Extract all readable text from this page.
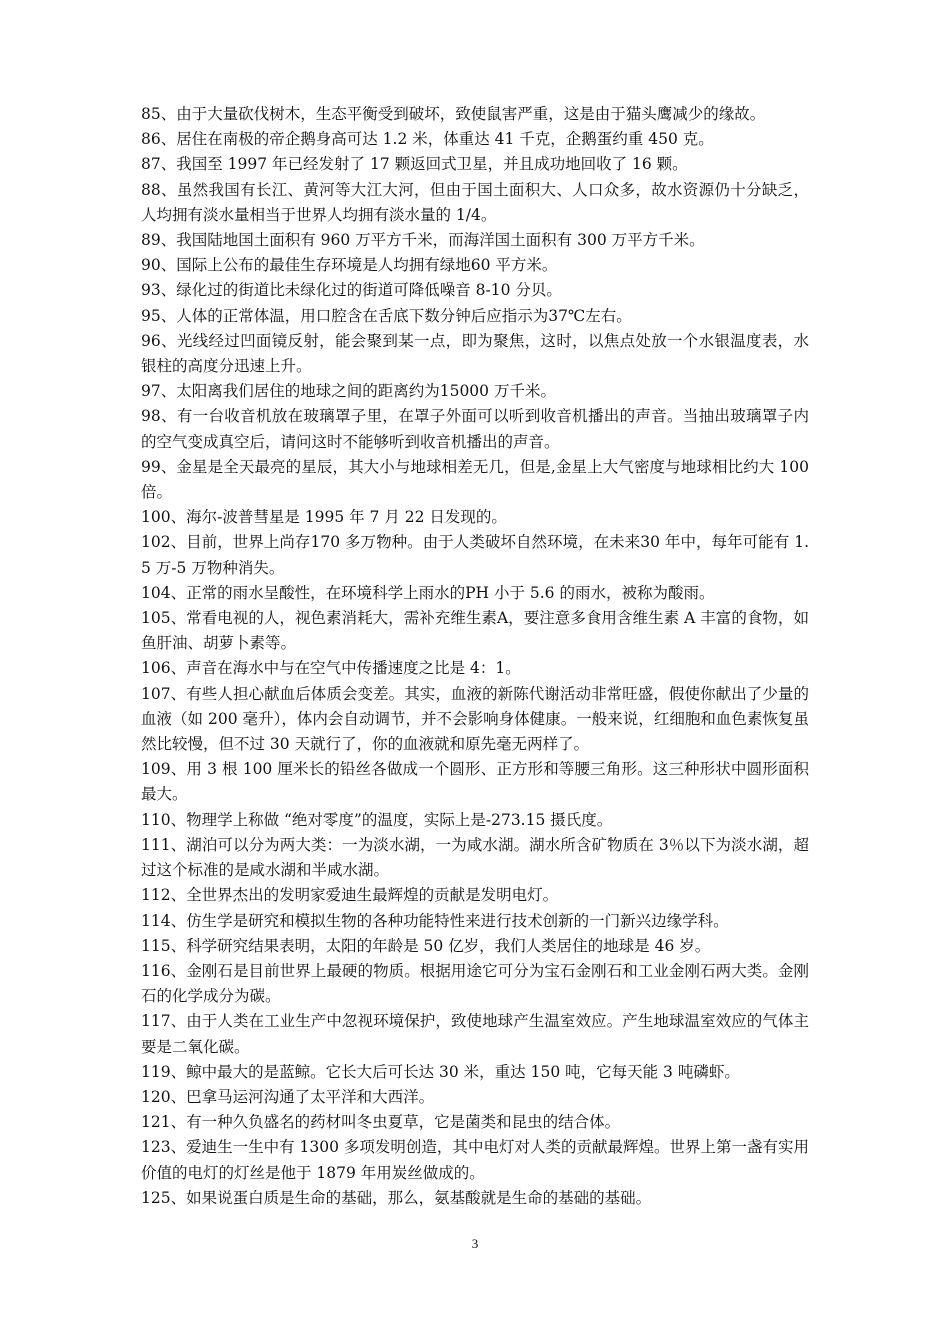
85、由于大量砍伐树木，生态平衡受到破坏，致使鼠害严重，这是由于猫头鹰减少的缘故。

86、居住在南极的帝企鹅身高可达 1.2 米，体重达 41 千克，企鹅蛋约重 450 克。

87、我国至 1997 年已经发射了 17 颗返回式卫星，并且成功地回收了 16 颗。

88、虽然我国有长江、黄河等大江大河，但由于国土面积大、人口众多，故水资源仍十分缺乏，人均拥有淡水量相当于世界人均拥有淡水量的 1/4。

89、我国陆地国土面积有 960 万平方千米，而海洋国土面积有 300 万平方千米。

90、国际上公布的最佳生存环境是人均拥有绿地60 平方米。

93、绿化过的街道比未绿化过的街道可降低噪音 8-10 分贝。

95、人体的正常体温，用口腔含在舌底下数分钟后应指示为37℃左右。

96、光线经过凹面镜反射，能会聚到某一点，即为聚焦，这时，以焦点处放一个水银温度表，水银柱的高度分迅速上升。

97、太阳离我们居住的地球之间的距离约为15000 万千米。

98、有一台收音机放在玻璃罩子里，在罩子外面可以听到收音机播出的声音。当抽出玻璃罩子内的空气变成真空后，请问这时不能够听到收音机播出的声音。

99、金星是全天最亮的星辰，其大小与地球相差无几，但是,金星上大气密度与地球相比约大 100 倍。

100、海尔-波普彗星是 1995 年 7 月 22 日发现的。

102、目前，世界上尚存170 多万物种。由于人类破坏自然环境，在未来30 年中，每年可能有 1.5 万-5 万物种消失。

104、正常的雨水呈酸性，在环境科学上雨水的PH 小于 5.6 的雨水，被称为酸雨。

105、常看电视的人，视色素消耗大，需补充维生素A，要注意多食用含维生素 A 丰富的食物，如鱼肝油、胡萝卜素等。

106、声音在海水中与在空气中传播速度之比是 4：1。

107、有些人担心献血后体质会变差。其实，血液的新陈代谢活动非常旺盛，假使你献出了少量的血液（如 200 毫升），体内会自动调节，并不会影响身体健康。一般来说，红细胞和血色素恢复虽然比较慢，但不过 30 天就行了，你的血液就和原先毫无两样了。

109、用 3 根 100 厘米长的铅丝各做成一个圆形、正方形和等腰三角形。这三种形状中圆形面积最大。

110、物理学上称做 “绝对零度”的温度，实际上是-273.15 摄氏度。

111、湖泊可以分为两大类：一为淡水湖，一为咸水湖。湖水所含矿物质在 3％以下为淡水湖，超过这个标准的是咸水湖和半咸水湖。

112、全世界杰出的发明家爱迪生最辉煌的贡献是发明电灯。

114、仿生学是研究和模拟生物的各种功能特性来进行技术创新的一门新兴边缘学科。

115、科学研究结果表明，太阳的年龄是 50 亿岁，我们人类居住的地球是 46 岁。

116、金刚石是目前世界上最硬的物质。根据用途它可分为宝石金刚石和工业金刚石两大类。金刚石的化学成分为碳。

117、由于人类在工业生产中忽视环境保护，致使地球产生温室效应。产生地球温室效应的气体主要是二氧化碳。

119、鲸中最大的是蓝鲸。它长大后可长达 30 米，重达 150 吨，它每天能 3 吨磷虾。

120、巴拿马运河沟通了太平洋和大西洋。

121、有一种久负盛名的药材叫冬虫夏草，它是菌类和昆虫的结合体。

123、爱迪生一生中有 1300 多项发明创造，其中电灯对人类的贡献最辉煌。世界上第一盏有实用价值的电灯的灯丝是他于 1879 年用炭丝做成的。

125、如果说蛋白质是生命的基础，那么，氨基酸就是生命的基础的基础。

3
